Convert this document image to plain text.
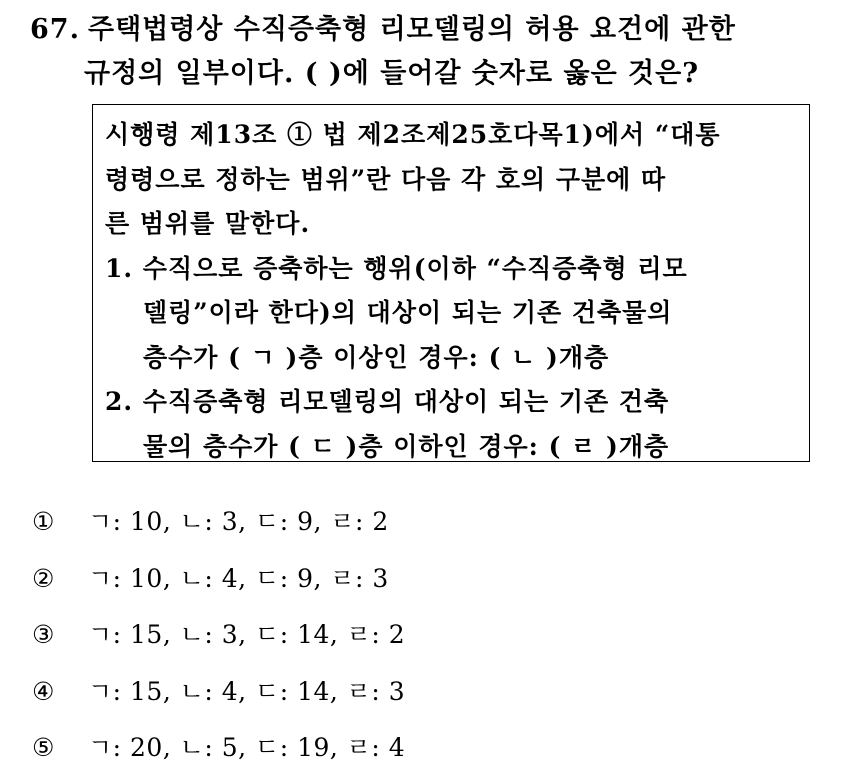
67. 주택법령상 수직증축형 리모델링의 허용 요건에 관한
규정의 일부이다. ( )에 들어갈 숫자로 옳은 것은?
시행령 제13조 ① 법 제2조제25호다목1)에서 “대통
령령으로 정하는 범위”란 다음 각 호의 구분에 따
른 범위를 말한다.
1. 수직으로 증축하는 행위(이하 “수직증축형 리모
델링”이라 한다)의 대상이 되는 기존 건축물의
층수가 ( ㄱ )층 이상인 경우: ( ㄴ )개층
2. 수직증축형 리모델링의 대상이 되는 기존 건축
물의 층수가 ( ㄷ )층 이하인 경우: ( ㄹ )개층
① ㄱ: 10, ㄴ: 3, ㄷ: 9, ㄹ: 2
② ㄱ: 10, ㄴ: 4, ㄷ: 9, ㄹ: 3
③ ㄱ: 15, ㄴ: 3, ㄷ: 14, ㄹ: 2
④ ㄱ: 15, ㄴ: 4, ㄷ: 14, ㄹ: 3
⑤ ㄱ: 20, ㄴ: 5, ㄷ: 19, ㄹ: 4
